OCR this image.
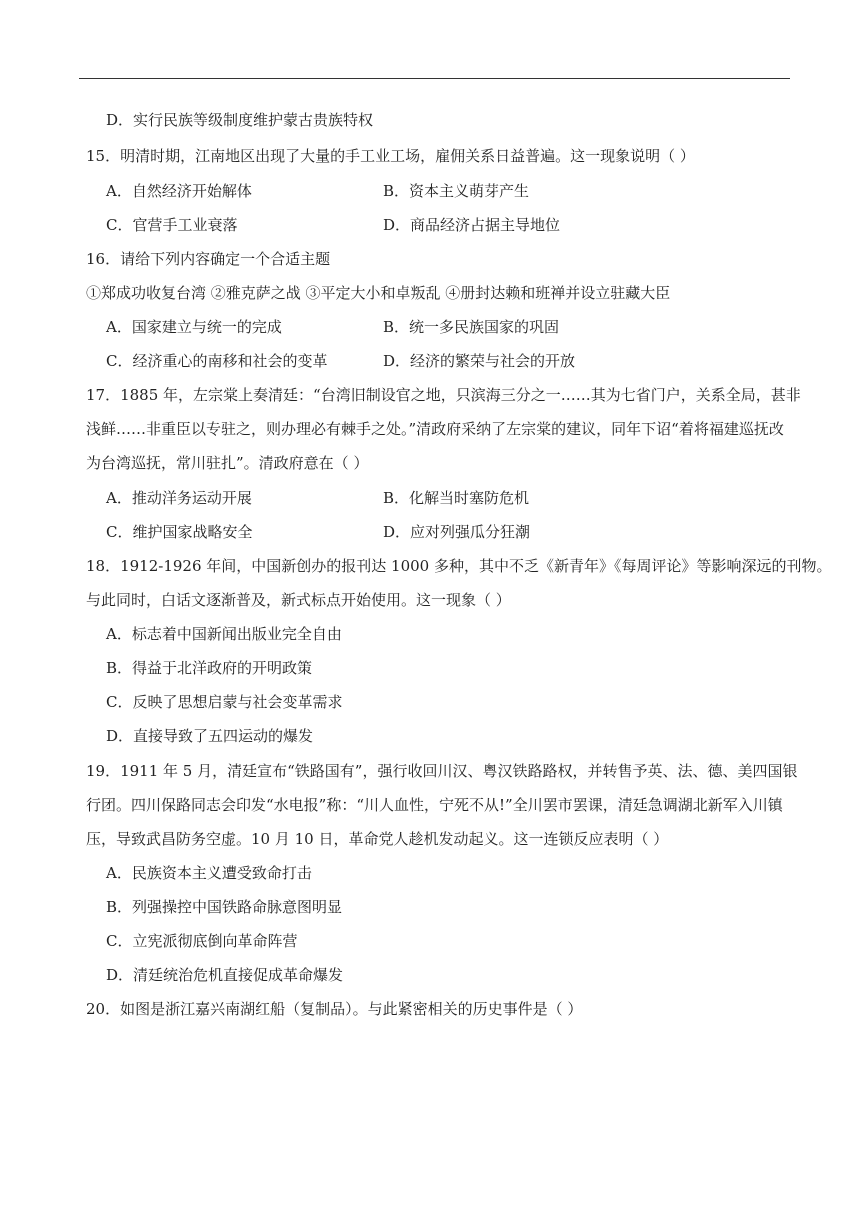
D．实行民族等级制度维护蒙古贵族特权
15．明清时期，江南地区出现了大量的手工业工场，雇佣关系日益普遍。这一现象说明（ ）
A．自然经济开始解体	B．资本主义萌芽产生
C．官营手工业衰落	D．商品经济占据主导地位
16．请给下列内容确定一个合适主题
①郑成功收复台湾 ②雅克萨之战 ③平定大小和卓叛乱 ④册封达赖和班禅并设立驻藏大臣
A．国家建立与统一的完成	B．统一多民族国家的巩固
C．经济重心的南移和社会的变革	D．经济的繁荣与社会的开放
17．1885 年，左宗棠上奏清廷：“台湾旧制设官之地，只滨海三分之一……其为七省门户，关系全局，甚非
浅鲜……非重臣以专驻之，则办理必有棘手之处。”清政府采纳了左宗棠的建议，同年下诏“着将福建巡抚改
为台湾巡抚，常川驻扎”。清政府意在（ ）
A．推动洋务运动开展	B．化解当时塞防危机
C．维护国家战略安全	D．应对列强瓜分狂潮
18．1912-1926 年间，中国新创办的报刊达 1000 多种，其中不乏《新青年》《每周评论》等影响深远的刊物。
与此同时，白话文逐渐普及，新式标点开始使用。这一现象（ ）
A．标志着中国新闻出版业完全自由
B．得益于北洋政府的开明政策
C．反映了思想启蒙与社会变革需求
D．直接导致了五四运动的爆发
19．1911 年 5 月，清廷宣布“铁路国有”，强行收回川汉、粤汉铁路路权，并转售予英、法、德、美四国银
行团。四川保路同志会印发“水电报”称：“川人血性，宁死不从!”全川罢市罢课，清廷急调湖北新军入川镇
压，导致武昌防务空虚。10 月 10 日，革命党人趁机发动起义。这一连锁反应表明（ ）
A．民族资本主义遭受致命打击
B．列强操控中国铁路命脉意图明显
C．立宪派彻底倒向革命阵营
D．清廷统治危机直接促成革命爆发
20．如图是浙江嘉兴南湖红船（复制品）。与此紧密相关的历史事件是（ ）
